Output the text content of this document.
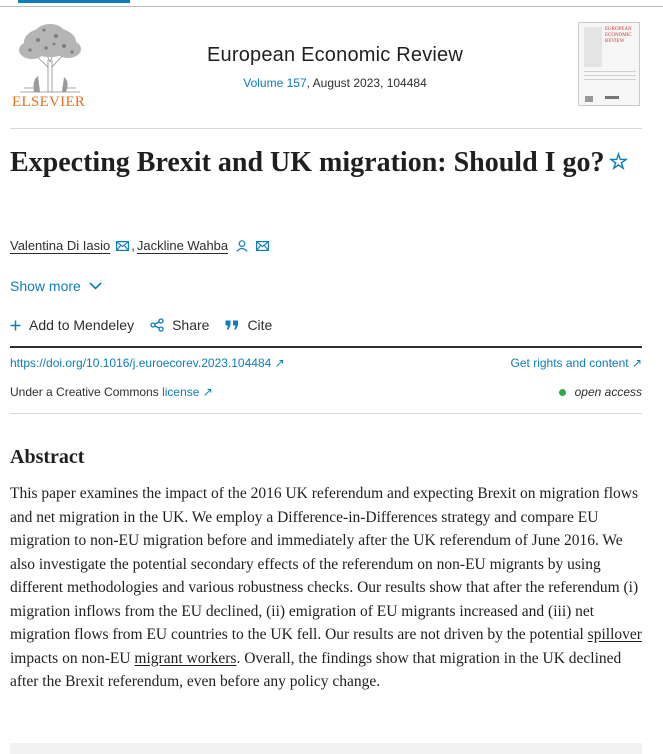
ELSEVIER
European Economic Review
Volume 157, August 2023, 104484
EUROPEAN ECONOMIC REVIEW
Expecting Brexit and UK migration: Should I go? ☆
Valentina Di Iasio , Jackline Wahba
Show more
Add to Mendeley	Share	Cite
https://doi.org/10.1016/j.euroecorev.2023.104484 ↗	Get rights and content ↗
Under a Creative Commons license ↗	open access
Abstract

This paper examines the impact of the 2016 UK referendum and expecting Brexit on migration flows and net migration in the UK. We employ a Difference-in-Differences strategy and compare EU migration to non-EU migration before and immediately after the UK referendum of June 2016. We also investigate the potential secondary effects of the referendum on non-EU migrants by using different methodologies and various robustness checks. Our results show that after the referendum (i) migration inflows from the EU declined, (ii) emigration of EU migrants increased and (iii) net migration flows from EU countries to the UK fell. Our results are not driven by the potential spillover impacts on non-EU migrant workers. Overall, the findings show that migration in the UK declined after the Brexit referendum, even before any policy change.
